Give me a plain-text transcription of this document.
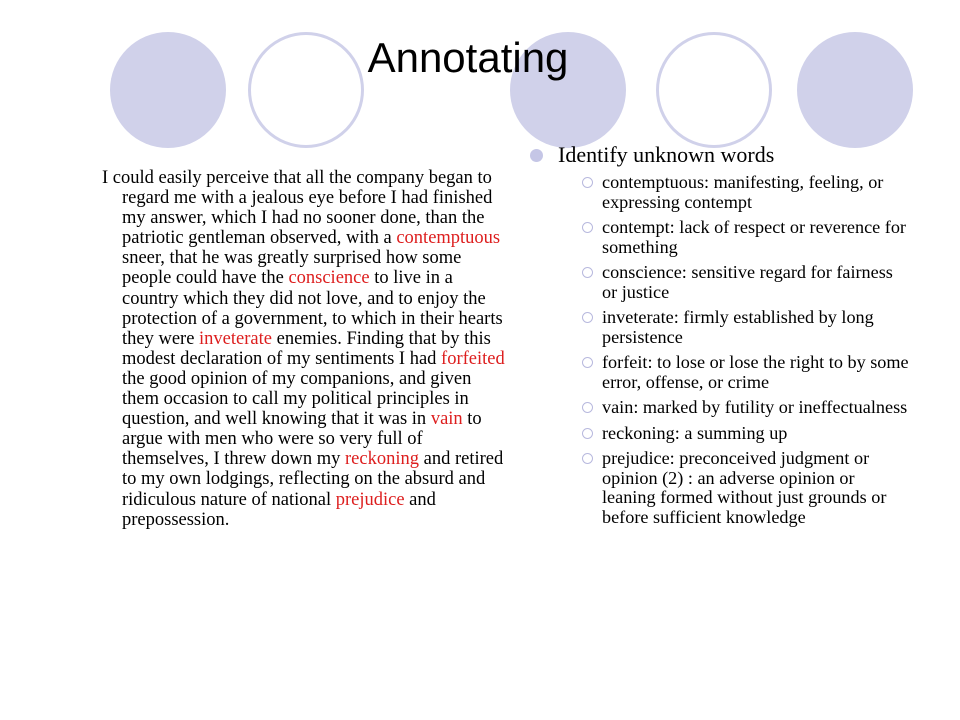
Annotating
I could easily perceive that all the company began to regard me with a jealous eye before I had finished my answer, which I had no sooner done, than the patriotic gentleman observed, with a contemptuous sneer, that he was greatly surprised how some people could have the conscience to live in a country which they did not love, and to enjoy the protection of a government, to which in their hearts they were inveterate enemies. Finding that by this modest declaration of my sentiments I had forfeited the good opinion of my companions, and given them occasion to call my political principles in question, and well knowing that it was in vain to argue with men who were so very full of themselves, I threw down my reckoning and retired to my own lodgings, reflecting on the absurd and ridiculous nature of national prejudice and prepossession.
Identify unknown words
contemptuous: manifesting, feeling, or expressing contempt
contempt: lack of respect or reverence for something
conscience: sensitive regard for fairness or justice
inveterate: firmly established by long persistence
forfeit: to lose or lose the right to by some error, offense, or crime
vain: marked by futility or ineffectualness
reckoning: a summing up
prejudice: preconceived judgment or opinion (2) : an adverse opinion or leaning formed without just grounds or before sufficient knowledge
